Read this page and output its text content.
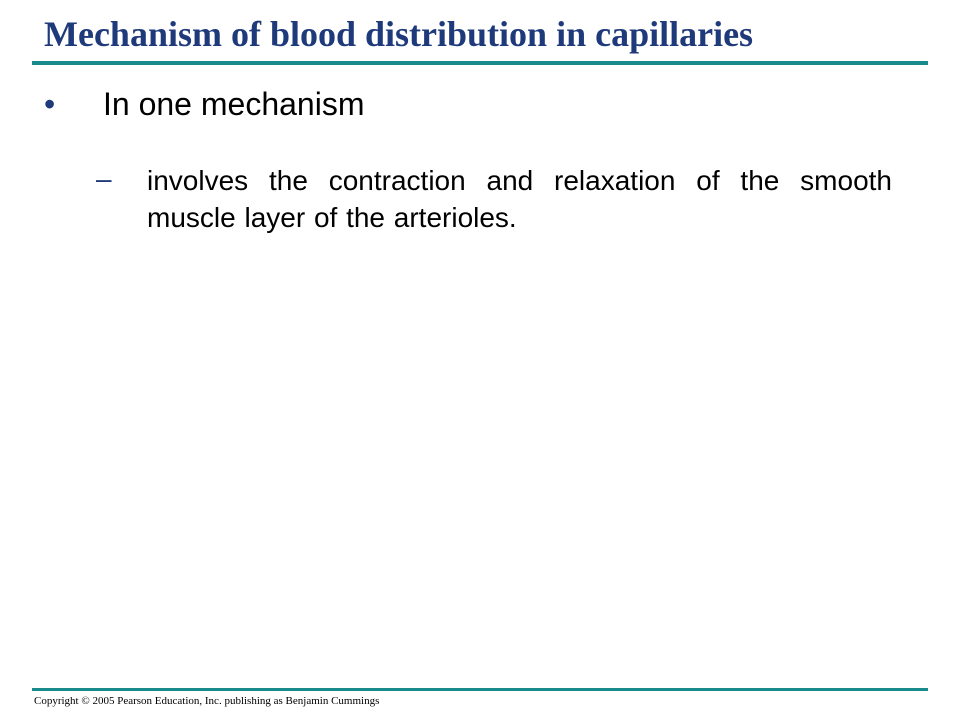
Mechanism of blood distribution in capillaries
•	In one mechanism
–	involves the contraction and relaxation of the smooth muscle layer of the arterioles.
Copyright © 2005 Pearson Education, Inc. publishing as Benjamin Cummings
